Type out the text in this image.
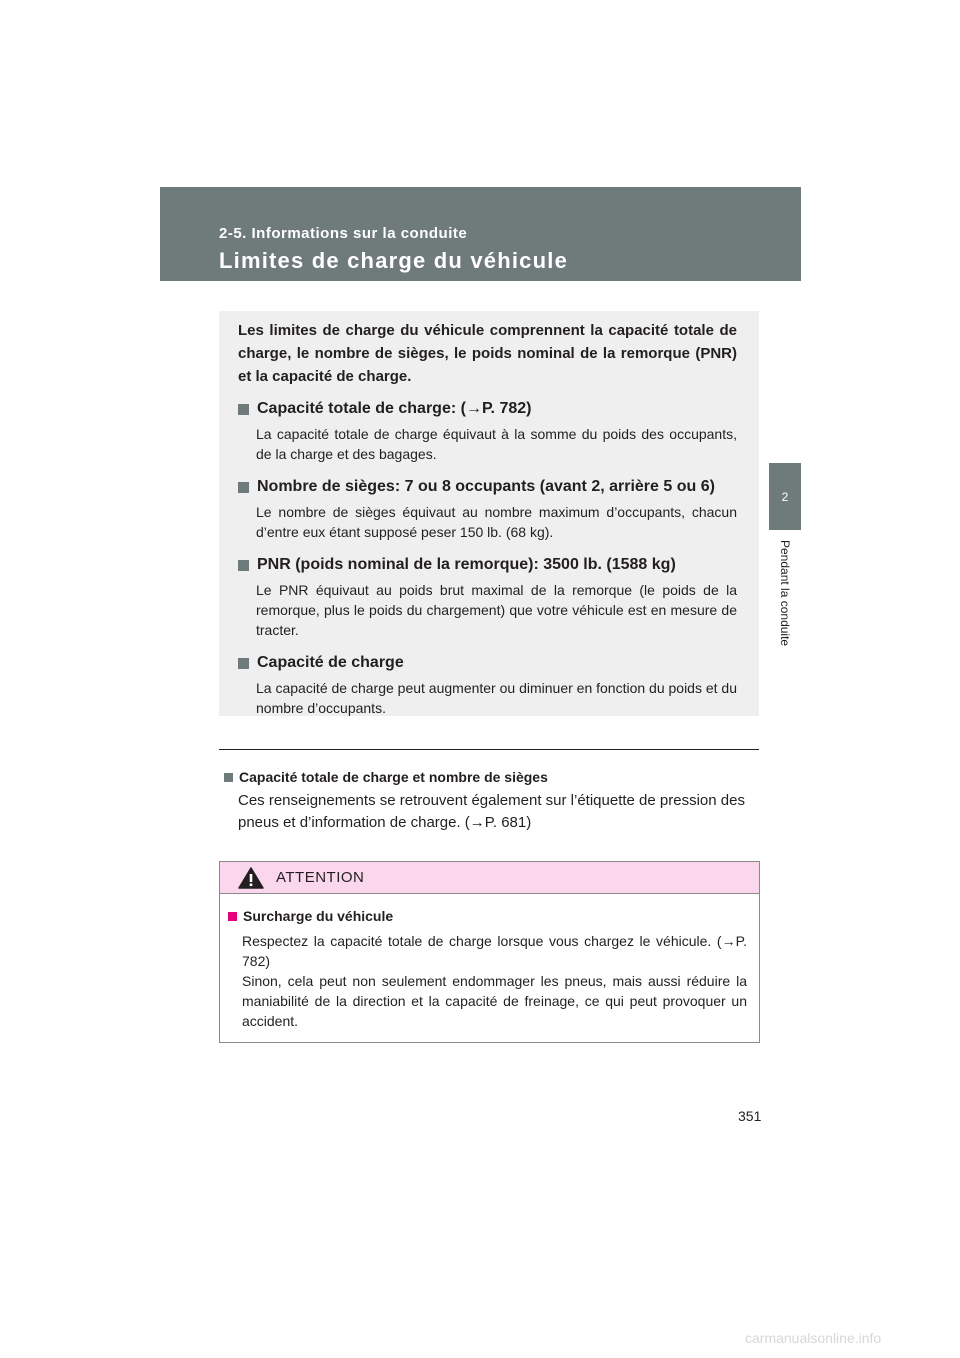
2-5. Informations sur la conduite
Limites de charge du véhicule
2
Pendant la conduite

Les limites de charge du véhicule comprennent la capacité totale de charge, le nombre de sièges, le poids nominal de la remorque (PNR) et la capacité de charge.

Capacité totale de charge: (→P. 782)
La capacité totale de charge équivaut à la somme du poids des occupants, de la charge et des bagages.
Nombre de sièges: 7 ou 8 occupants (avant 2, arrière 5 ou 6)
Le nombre de sièges équivaut au nombre maximum d’occupants, chacun d’entre eux étant supposé peser 150 lb. (68 kg).
PNR (poids nominal de la remorque): 3500 lb. (1588 kg)
Le PNR équivaut au poids brut maximal de la remorque (le poids de la remorque, plus le poids du chargement) que votre véhicule est en mesure de tracter.
Capacité de charge
La capacité de charge peut augmenter ou diminuer en fonction du poids et du nombre d’occupants.
Capacité totale de charge et nombre de sièges
Ces renseignements se retrouvent également sur l’étiquette de pression des pneus et d’information de charge. (→P. 681)
ATTENTION
Surcharge du véhicule

Respectez la capacité totale de charge lorsque vous chargez le véhicule. (→P. 782)

Sinon, cela peut non seulement endommager les pneus, mais aussi réduire la maniabilité de la direction et la capacité de freinage, ce qui peut provoquer un accident.

351
carmanualsonline.info
